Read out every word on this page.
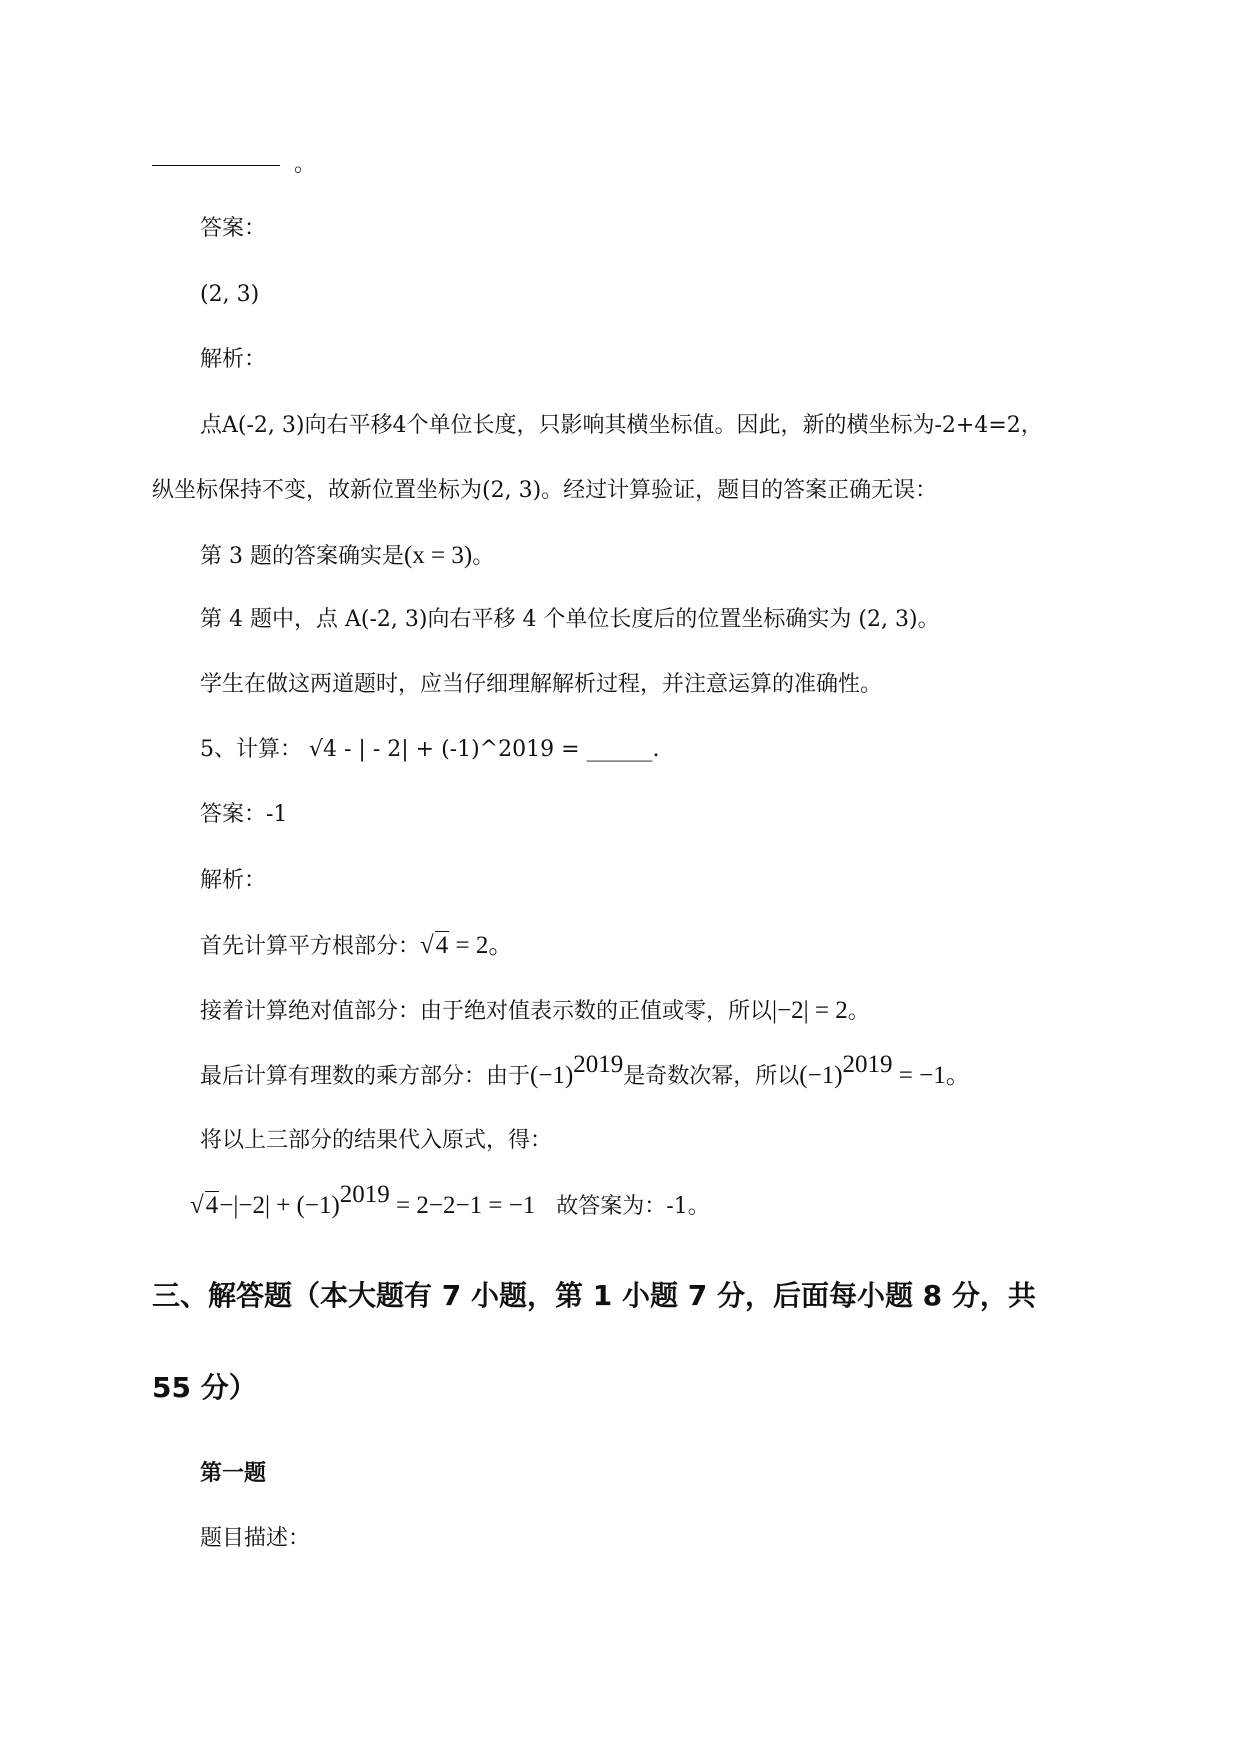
。
答案：
(2, 3)
解析：
点A(-2, 3)向右平移4个单位长度，只影响其横坐标值。因此，新的横坐标为-2+4=2，
纵坐标保持不变，故新位置坐标为(2, 3)。经过计算验证，题目的答案正确无误：
第 3 题的答案确实是(x = 3)。
第 4 题中，点 A(-2, 3)向右平移 4 个单位长度后的位置坐标确实为 (2, 3)。
学生在做这两道题时，应当仔细理解解析过程，并注意运算的准确性。
5、计算： √4 - | - 2| + (-1)^2019 = ______.
答案：-1
解析：
首先计算平方根部分：√4 = 2。
接着计算绝对值部分：由于绝对值表示数的正值或零，所以|−2| = 2。
最后计算有理数的乘方部分：由于$(-1)^{2019}$是奇数次幂，所以$(-1)^{2019} = -1$。
将以上三部分的结果代入原式，得：
$√4-|-2| + (-1)^{2019} = 2-2-1 = -1$ 故答案为：-1。
三、解答题（本大题有 7 小题，第 1 小题 7 分，后面每小题 8 分，共
55 分）
第一题
题目描述：
